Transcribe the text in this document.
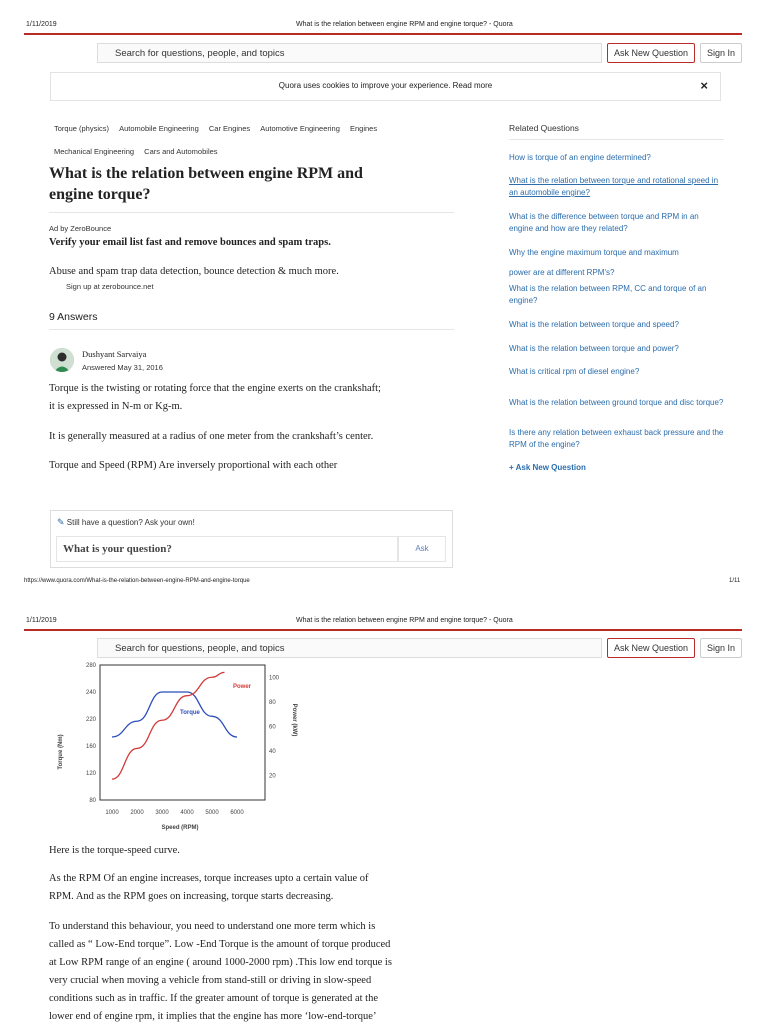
1/11/2019	What is the relation between engine RPM and engine torque? - Quora
Search for questions, people, and topics	Ask New Question	Sign In
Quora uses cookies to improve your experience. Read more	×
Torque (physics) Automobile Engineering Car Engines Automotive Engineering Engines
Mechanical Engineering Cars and Automobiles
What is the relation between engine RPM and
engine torque?
Ad by ZeroBounce
Verify your email list fast and remove bounces and spam traps.
Abuse and spam trap data detection, bounce detection & much more.
Sign up at zerobounce.net
9 Answers
Dushyant Sarvaiya
Answered May 31, 2016
Torque is the twisting or rotating force that the engine exerts on the crankshaft;
it is expressed in N-m or Kg-m.
It is generally measured at a radius of one meter from the crankshaft’s center.
Torque and Speed (RPM) Are inversely proportional with each other
✎ Still have a question? Ask your own!
What is your question?	Ask
Related Questions
How is torque of an engine determined?
What is the relation between torque and rotational speed in an automobile engine?
What is the difference between torque and RPM in an engine and how are they related?
Why the engine maximum torque and maximum
power are at different RPM's?
What is the relation between RPM, CC and torque of an engine?
What is the relation between torque and speed?
What is the relation between torque and power?
What is critical rpm of diesel engine?
What is the relation between ground torque and disc torque?
Is there any relation between exhaust back pressure and the RPM of the engine?
+ Ask New Question
https://www.quora.com/What-is-the-relation-between-engine-RPM-and-engine-torque	1/11
1/11/2019	What is the relation between engine RPM and engine torque? - Quora
Search for questions, people, and topics	Ask New Question	Sign In
80
120
160
220
240
280
20
40
60
80
100
1000 2000 3000 4000 5000 6000
Torque (Nm)
Power (kW)
Speed (RPM)
Power
Torque
Here is the torque-speed curve.
As the RPM Of an engine increases, torque increases upto a certain value of
RPM. And as the RPM goes on increasing, torque starts decreasing.
To understand this behaviour, you need to understand one more term which is
called as “ Low-End torque”. Low -End Torque is the amount of torque produced
at Low RPM range of an engine ( around 1000-2000 rpm) .This low end torque is
very crucial when moving a vehicle from stand-still or driving in slow-speed
conditions such as in traffic. If the greater amount of torque is generated at the
lower end of engine rpm, it implies that the engine has more ‘low-end-torque’
